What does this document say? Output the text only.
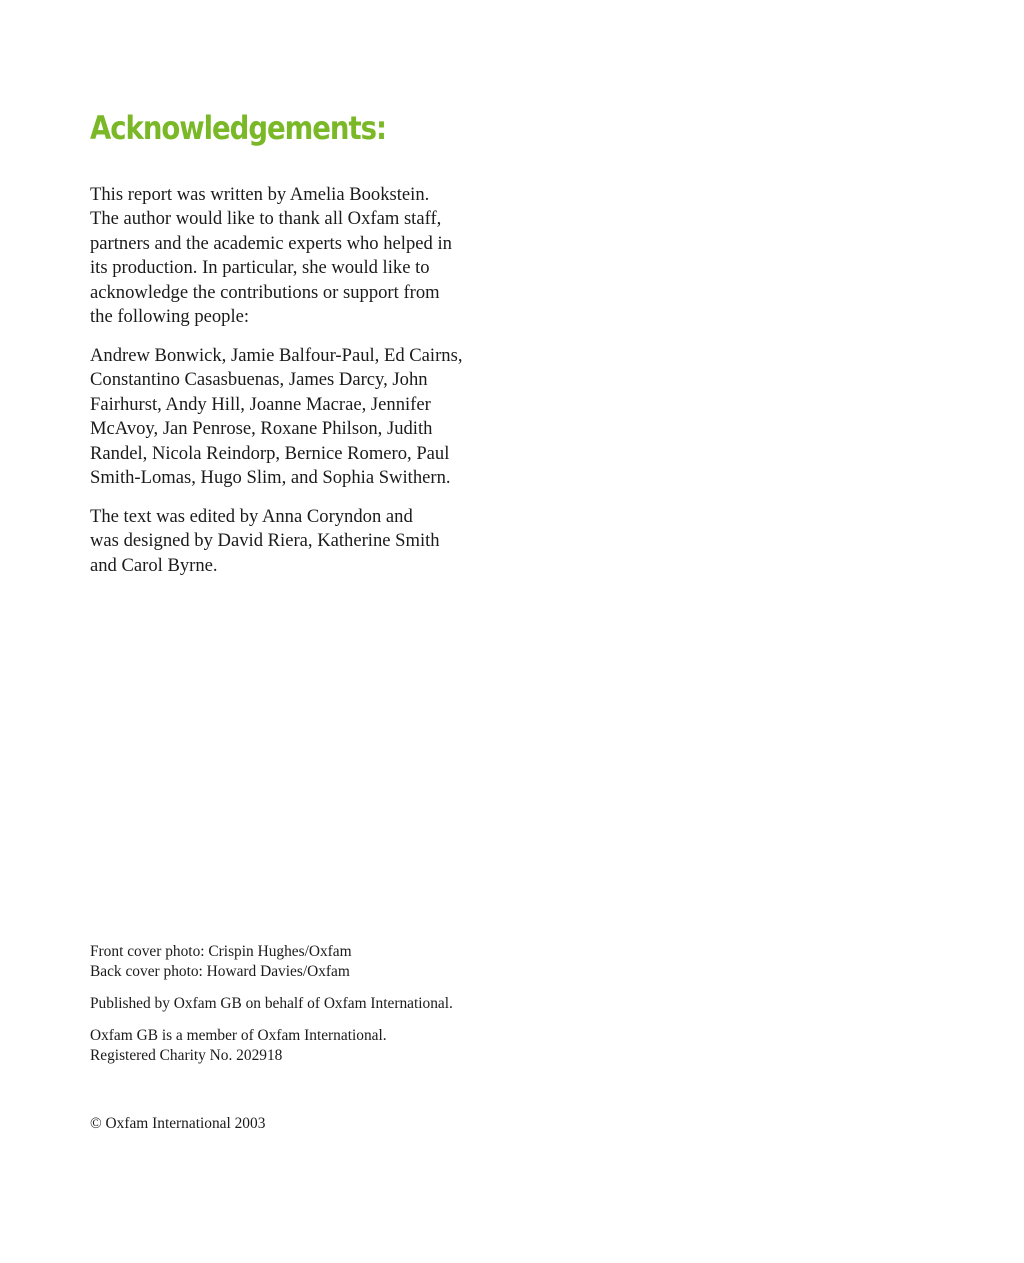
Acknowledgements:

This report was written by Amelia Bookstein.
The author would like to thank all Oxfam staff,
partners and the academic experts who helped in
its production. In particular, she would like to
acknowledge the contributions or support from
the following people:

Andrew Bonwick, Jamie Balfour-Paul, Ed Cairns,
Constantino Casasbuenas, James Darcy, John
Fairhurst, Andy Hill, Joanne Macrae, Jennifer
McAvoy, Jan Penrose, Roxane Philson, Judith
Randel, Nicola Reindorp, Bernice Romero, Paul
Smith-Lomas, Hugo Slim, and Sophia Swithern.

The text was edited by Anna Coryndon and
was designed by David Riera, Katherine Smith
and Carol Byrne.

Front cover photo: Crispin Hughes/Oxfam
Back cover photo: Howard Davies/Oxfam

Published by Oxfam GB on behalf of Oxfam International.

Oxfam GB is a member of Oxfam International.
Registered Charity No. 202918

© Oxfam International 2003
